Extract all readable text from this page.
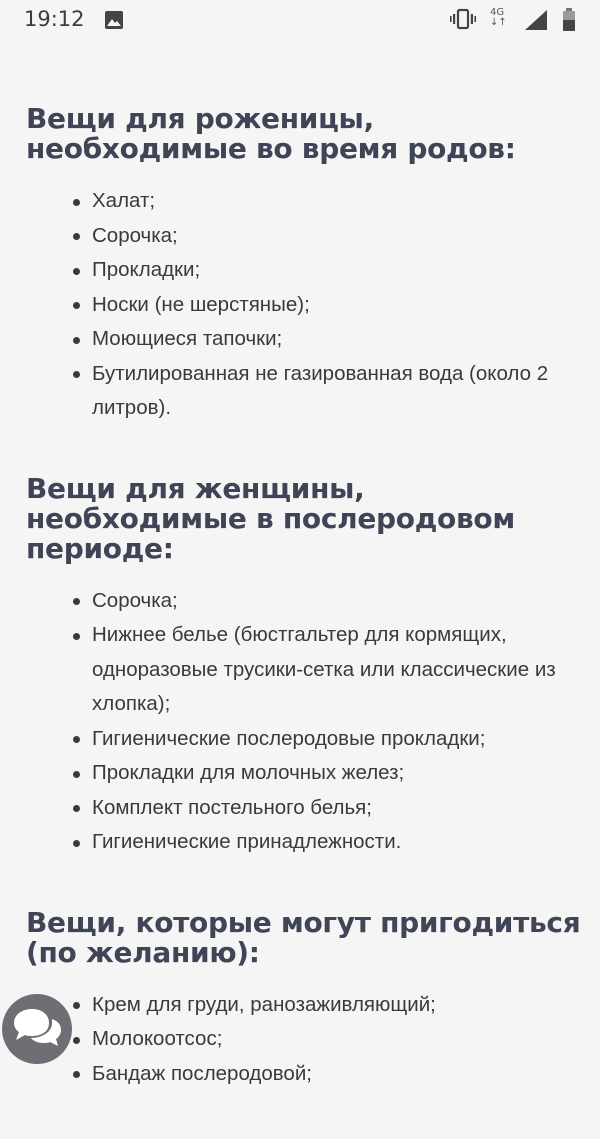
19:12	4G
↓↑
Вещи для роженицы, необходимые во время родов:
Халат;
Сорочка;
Прокладки;
Носки (не шерстяные);
Моющиеся тапочки;
Бутилированная не газированная вода (около 2 литров).
Вещи для женщины, необходимые в послеродовом периоде:
Сорочка;
Нижнее белье (бюстгальтер для кормящих, одноразовые трусики-сетка или классические из хлопка);
Гигиенические послеродовые прокладки;
Прокладки для молочных желез;
Комплект постельного белья;
Гигиенические принадлежности.
Вещи, которые могут пригодиться (по желанию):
Крем для груди, ранозаживляющий;
Молокоотсос;
Бандаж послеродовой;
